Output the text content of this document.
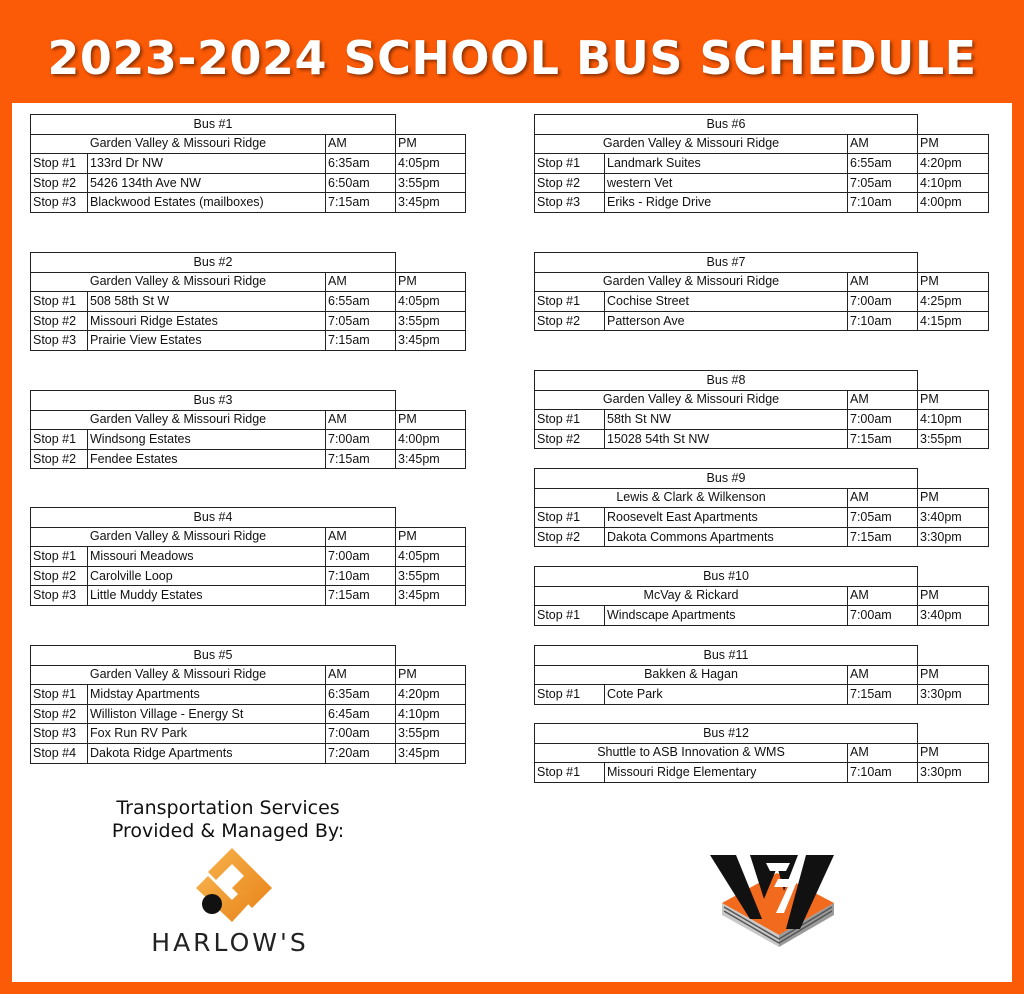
2023-2024 SCHOOL BUS SCHEDULE
Bus #1			
Garden Valley & Missouri Ridge		AM	PM
Stop #1	133rd Dr NW	6:35am	4:05pm
Stop #2	5426 134th Ave NW	6:50am	3:55pm
Stop #3	Blackwood Estates (mailboxes)	7:15am	3:45pm
Bus #2			
Garden Valley & Missouri Ridge		AM	PM
Stop #1	508 58th St W	6:55am	4:05pm
Stop #2	Missouri Ridge Estates	7:05am	3:55pm
Stop #3	Prairie View Estates	7:15am	3:45pm
Bus #3			
Garden Valley & Missouri Ridge		AM	PM
Stop #1	Windsong Estates	7:00am	4:00pm
Stop #2	Fendee Estates	7:15am	3:45pm
Bus #4			
Garden Valley & Missouri Ridge		AM	PM
Stop #1	Missouri Meadows	7:00am	4:05pm
Stop #2	Carolville Loop	7:10am	3:55pm
Stop #3	Little Muddy Estates	7:15am	3:45pm
Bus #5			
Garden Valley & Missouri Ridge		AM	PM
Stop #1	Midstay Apartments	6:35am	4:20pm
Stop #2	Williston Village - Energy St	6:45am	4:10pm
Stop #3	Fox Run RV Park	7:00am	3:55pm
Stop #4	Dakota Ridge Apartments	7:20am	3:45pm
Bus #6			
Garden Valley & Missouri Ridge		AM	PM
Stop #1	Landmark Suites	6:55am	4:20pm
Stop #2	western Vet	7:05am	4:10pm
Stop #3	Eriks - Ridge Drive	7:10am	4:00pm
Bus #7			
Garden Valley & Missouri Ridge		AM	PM
Stop #1	Cochise Street	7:00am	4:25pm
Stop #2	Patterson Ave	7:10am	4:15pm
Bus #8			
Garden Valley & Missouri Ridge		AM	PM
Stop #1	58th St NW	7:00am	4:10pm
Stop #2	15028 54th St NW	7:15am	3:55pm
Bus #9			
Lewis & Clark & Wilkenson		AM	PM
Stop #1	Roosevelt East Apartments	7:05am	3:40pm
Stop #2	Dakota Commons Apartments	7:15am	3:30pm
Bus #10			
McVay & Rickard		AM	PM
Stop #1	Windscape Apartments	7:00am	3:40pm
Bus #11			
Bakken & Hagan		AM	PM
Stop #1	Cote Park	7:15am	3:30pm
Bus #12			
Shuttle to ASB Innovation & WMS		AM	PM
Stop #1	Missouri Ridge Elementary	7:10am	3:30pm
Transportation Services
Provided & Managed By:
HARLOW'S
